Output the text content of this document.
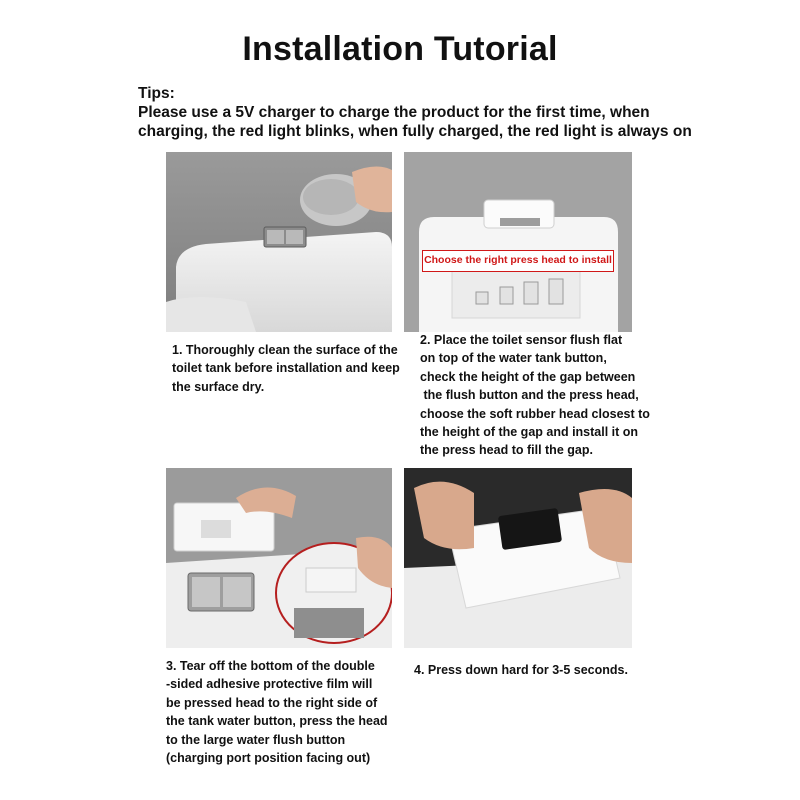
Installation Tutorial
Tips:
Please use a 5V charger to charge the product for the first time, when
charging, the red light blinks, when fully charged, the red light is always on
Choose the right press head to install
1. Thoroughly clean the surface of the
toilet tank before installation and keep
the surface dry.
2. Place the toilet sensor flush flat
on top of the water tank button,
check the height of the gap between
the flush button and the press head,
choose the soft rubber head closest to
the height of the gap and install it on
the press head to fill the gap.
3. Tear off the bottom of the double
-sided adhesive protective film will
be pressed head to the right side of
the tank water button, press the head
to the large water flush button
(charging port position facing out)
4. Press down hard for 3-5 seconds.
